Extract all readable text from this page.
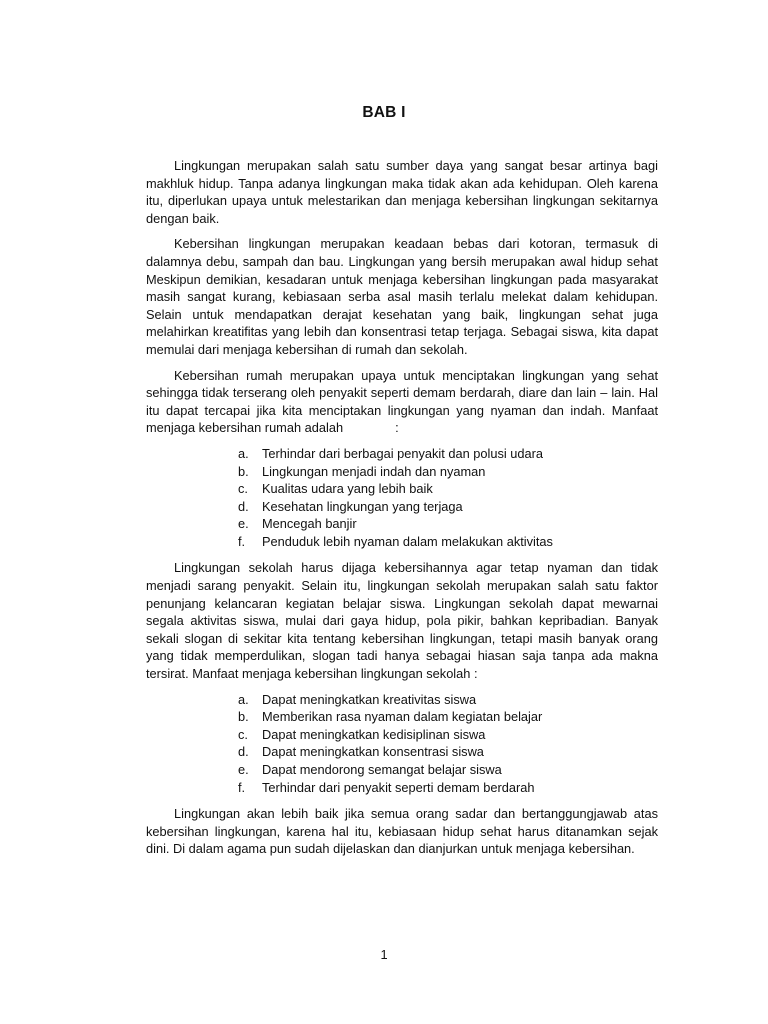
BAB I

Lingkungan merupakan salah satu sumber daya yang sangat besar artinya bagi makhluk hidup. Tanpa adanya lingkungan maka tidak akan ada kehidupan. Oleh karena itu, diperlukan upaya untuk melestarikan dan menjaga kebersihan lingkungan sekitarnya dengan baik.

Kebersihan lingkungan merupakan keadaan bebas dari kotoran, termasuk di dalamnya debu, sampah dan bau. Lingkungan yang bersih merupakan awal hidup sehat Meskipun demikian, kesadaran untuk menjaga kebersihan lingkungan pada masyarakat masih sangat kurang, kebiasaan serba asal masih terlalu melekat dalam kehidupan. Selain untuk mendapatkan derajat kesehatan yang baik, lingkungan sehat juga melahirkan kreatifitas yang lebih dan konsentrasi tetap terjaga. Sebagai siswa, kita dapat memulai dari menjaga kebersihan di rumah dan sekolah.

Kebersihan rumah merupakan upaya untuk menciptakan lingkungan yang sehat sehingga tidak terserang oleh penyakit seperti demam berdarah, diare dan lain – lain. Hal itu dapat tercapai jika kita menciptakan lingkungan yang nyaman dan indah. Manfaat menjaga kebersihan rumah adalah	:

a.	Terhindar dari berbagai penyakit dan polusi udara
b.	Lingkungan menjadi indah dan nyaman
c.	Kualitas udara yang lebih baik
d.	Kesehatan lingkungan yang terjaga
e.	Mencegah banjir
f.	Penduduk lebih nyaman dalam melakukan aktivitas

Lingkungan sekolah harus dijaga kebersihannya agar tetap nyaman dan tidak menjadi sarang penyakit. Selain itu, lingkungan sekolah merupakan salah satu faktor penunjang kelancaran kegiatan belajar siswa. Lingkungan sekolah dapat mewarnai segala aktivitas siswa, mulai dari gaya hidup, pola pikir, bahkan kepribadian. Banyak sekali slogan di sekitar kita tentang kebersihan lingkungan, tetapi masih banyak orang yang tidak memperdulikan, slogan tadi hanya sebagai hiasan saja tanpa ada makna tersirat. Manfaat menjaga kebersihan lingkungan sekolah :

a.	Dapat meningkatkan kreativitas siswa
b.	Memberikan rasa nyaman dalam kegiatan belajar
c.	Dapat meningkatkan kedisiplinan siswa
d.	Dapat meningkatkan konsentrasi siswa
e.	Dapat mendorong semangat belajar siswa
f.	Terhindar dari penyakit seperti demam berdarah

Lingkungan akan lebih baik jika semua orang sadar dan bertanggungjawab atas kebersihan lingkungan, karena hal itu, kebiasaan hidup sehat harus ditanamkan sejak dini. Di dalam agama pun sudah dijelaskan dan dianjurkan untuk menjaga kebersihan.

1
